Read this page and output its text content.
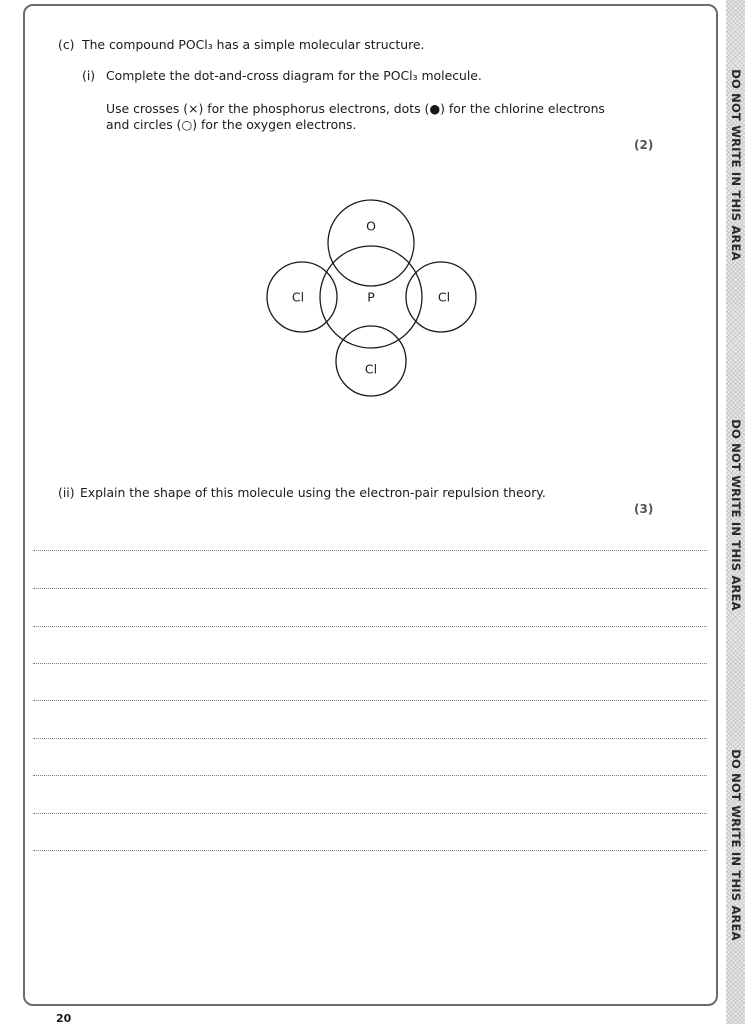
(c) The compound POCl₃ has a simple molecular structure.
(i) Complete the dot-and-cross diagram for the POCl₃ molecule.
Use crosses (×) for the phosphorus electrons, dots (●) for the chlorine electrons
and circles (○) for the oxygen electrons.
(2)
O
P
Cl	Cl
Cl
(ii) Explain the shape of this molecule using the electron-pair repulsion theory.
(3)
DO NOT WRITE IN THIS AREA
DO NOT WRITE IN THIS AREA
DO NOT WRITE IN THIS AREA
20
